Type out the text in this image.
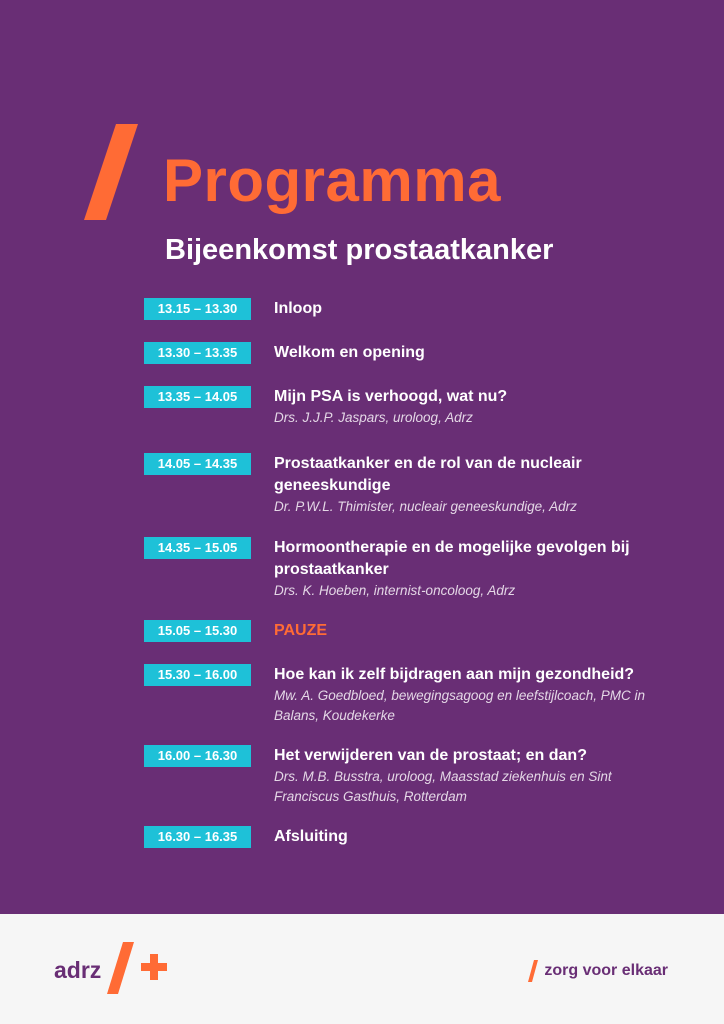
Programma
Bijeenkomst prostaatkanker
13.15 – 13.30	Inloop
13.30 – 13.35	Welkom en opening
13.35 – 14.05	Mijn PSA is verhoogd, wat nu?
Drs. J.J.P. Jaspars, uroloog, Adrz
14.05 – 14.35	Prostaatkanker en de rol van de nucleair geneeskundige
Dr. P.W.L. Thimister, nucleair geneeskundige, Adrz
14.35 – 15.05	Hormoontherapie en de mogelijke gevolgen bij prostaatkanker
Drs. K. Hoeben, internist-oncoloog, Adrz
15.05 – 15.30	PAUZE
15.30 – 16.00	Hoe kan ik zelf bijdragen aan mijn gezondheid?
Mw. A. Goedbloed, bewegingsagoog en leefstijlcoach, PMC in Balans, Koudekerke
16.00 – 16.30	Het verwijderen van de prostaat; en dan?
Drs. M.B. Busstra, uroloog, Maasstad ziekenhuis en Sint Franciscus Gasthuis, Rotterdam
16.30 – 16.35	Afsluiting
adrz	zorg voor elkaar
